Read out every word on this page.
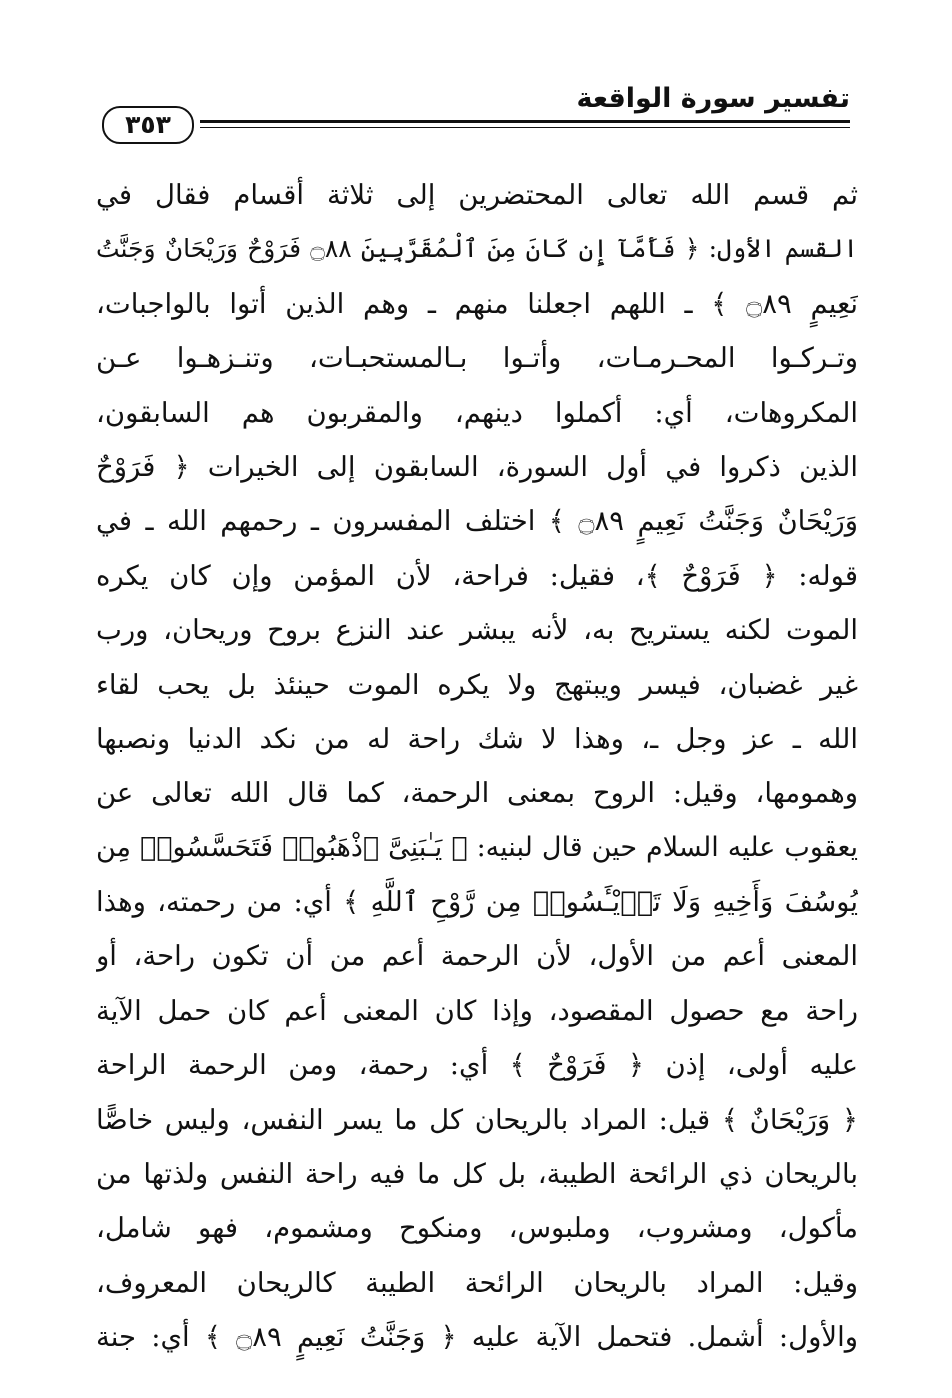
تفسير سورة الواقعة
٣٥٣
ثم قسم الله تعالى المحتضرين إلى ثلاثة أقسام فقال في
القسم الأول: ﴿ فَأَمَّآ إِن كَانَ مِنَ ٱلْمُقَرَّبِينَ ۝٨٨ فَرَوْحٌ وَرَيْحَانٌ وَجَنَّتُ
نَعِيمٍ ۝٨٩ ﴾ ـ اللهم اجعلنا منهم ـ وهم الذين أتوا بالواجبات،
وتـركـوا المحـرمـات، وأتـوا بـالمستحبـات، وتنـزهـوا عـن
المكروهات، أي: أكملوا دينهم، والمقربون هم السابقون،
الذين ذكروا في أول السورة، السابقون إلى الخيرات ﴿ فَرَوْحٌ
وَرَيْحَانٌ وَجَنَّتُ نَعِيمٍ ۝٨٩ ﴾ اختلف المفسرون ـ رحمهم الله ـ في
قوله: ﴿ فَرَوْحٌ ﴾، فقيل: فراحة، لأن المؤمن وإن كان يكره
الموت لكنه يستريح به، لأنه يبشر عند النزع بروح وريحان، ورب
غير غضبان، فيسر ويبتهج ولا يكره الموت حينئذ بل يحب لقاء
الله ـ عز وجل ـ، وهذا لا شك راحة له من نكد الدنيا ونصبها
وهمومها، وقيل: الروح بمعنى الرحمة، كما قال الله تعالى عن
يعقوب عليه السلام حين قال لبنيه: ﴿ يَـٰبَنِىَّ ٱذْهَبُوا۟ فَتَحَسَّسُوا۟ مِن
يُوسُفَ وَأَخِيهِ وَلَا تَا۟يْـَٔسُوا۟ مِن رَّوْحِ ٱللَّهِ ﴾ أي: من رحمته، وهذا
المعنى أعم من الأول، لأن الرحمة أعم من أن تكون راحة، أو
راحة مع حصول المقصود، وإذا كان المعنى أعم كان حمل الآية
عليه أولى، إذن ﴿ فَرَوْحٌ ﴾ أي: رحمة، ومن الرحمة الراحة
﴿ وَرَيْحَانٌ ﴾ قيل: المراد بالريحان كل ما يسر النفس، وليس خاصًّا
بالريحان ذي الرائحة الطيبة، بل كل ما فيه راحة النفس ولذتها من
مأكول، ومشروب، وملبوس، ومنكوح ومشموم، فهو شامل،
وقيل: المراد بالريحان الرائحة الطيبة كالريحان المعروف،
والأول: أشمل. فتحمل الآية عليه ﴿ وَجَنَّتُ نَعِيمٍ ۝٨٩ ﴾ أي: جنة
